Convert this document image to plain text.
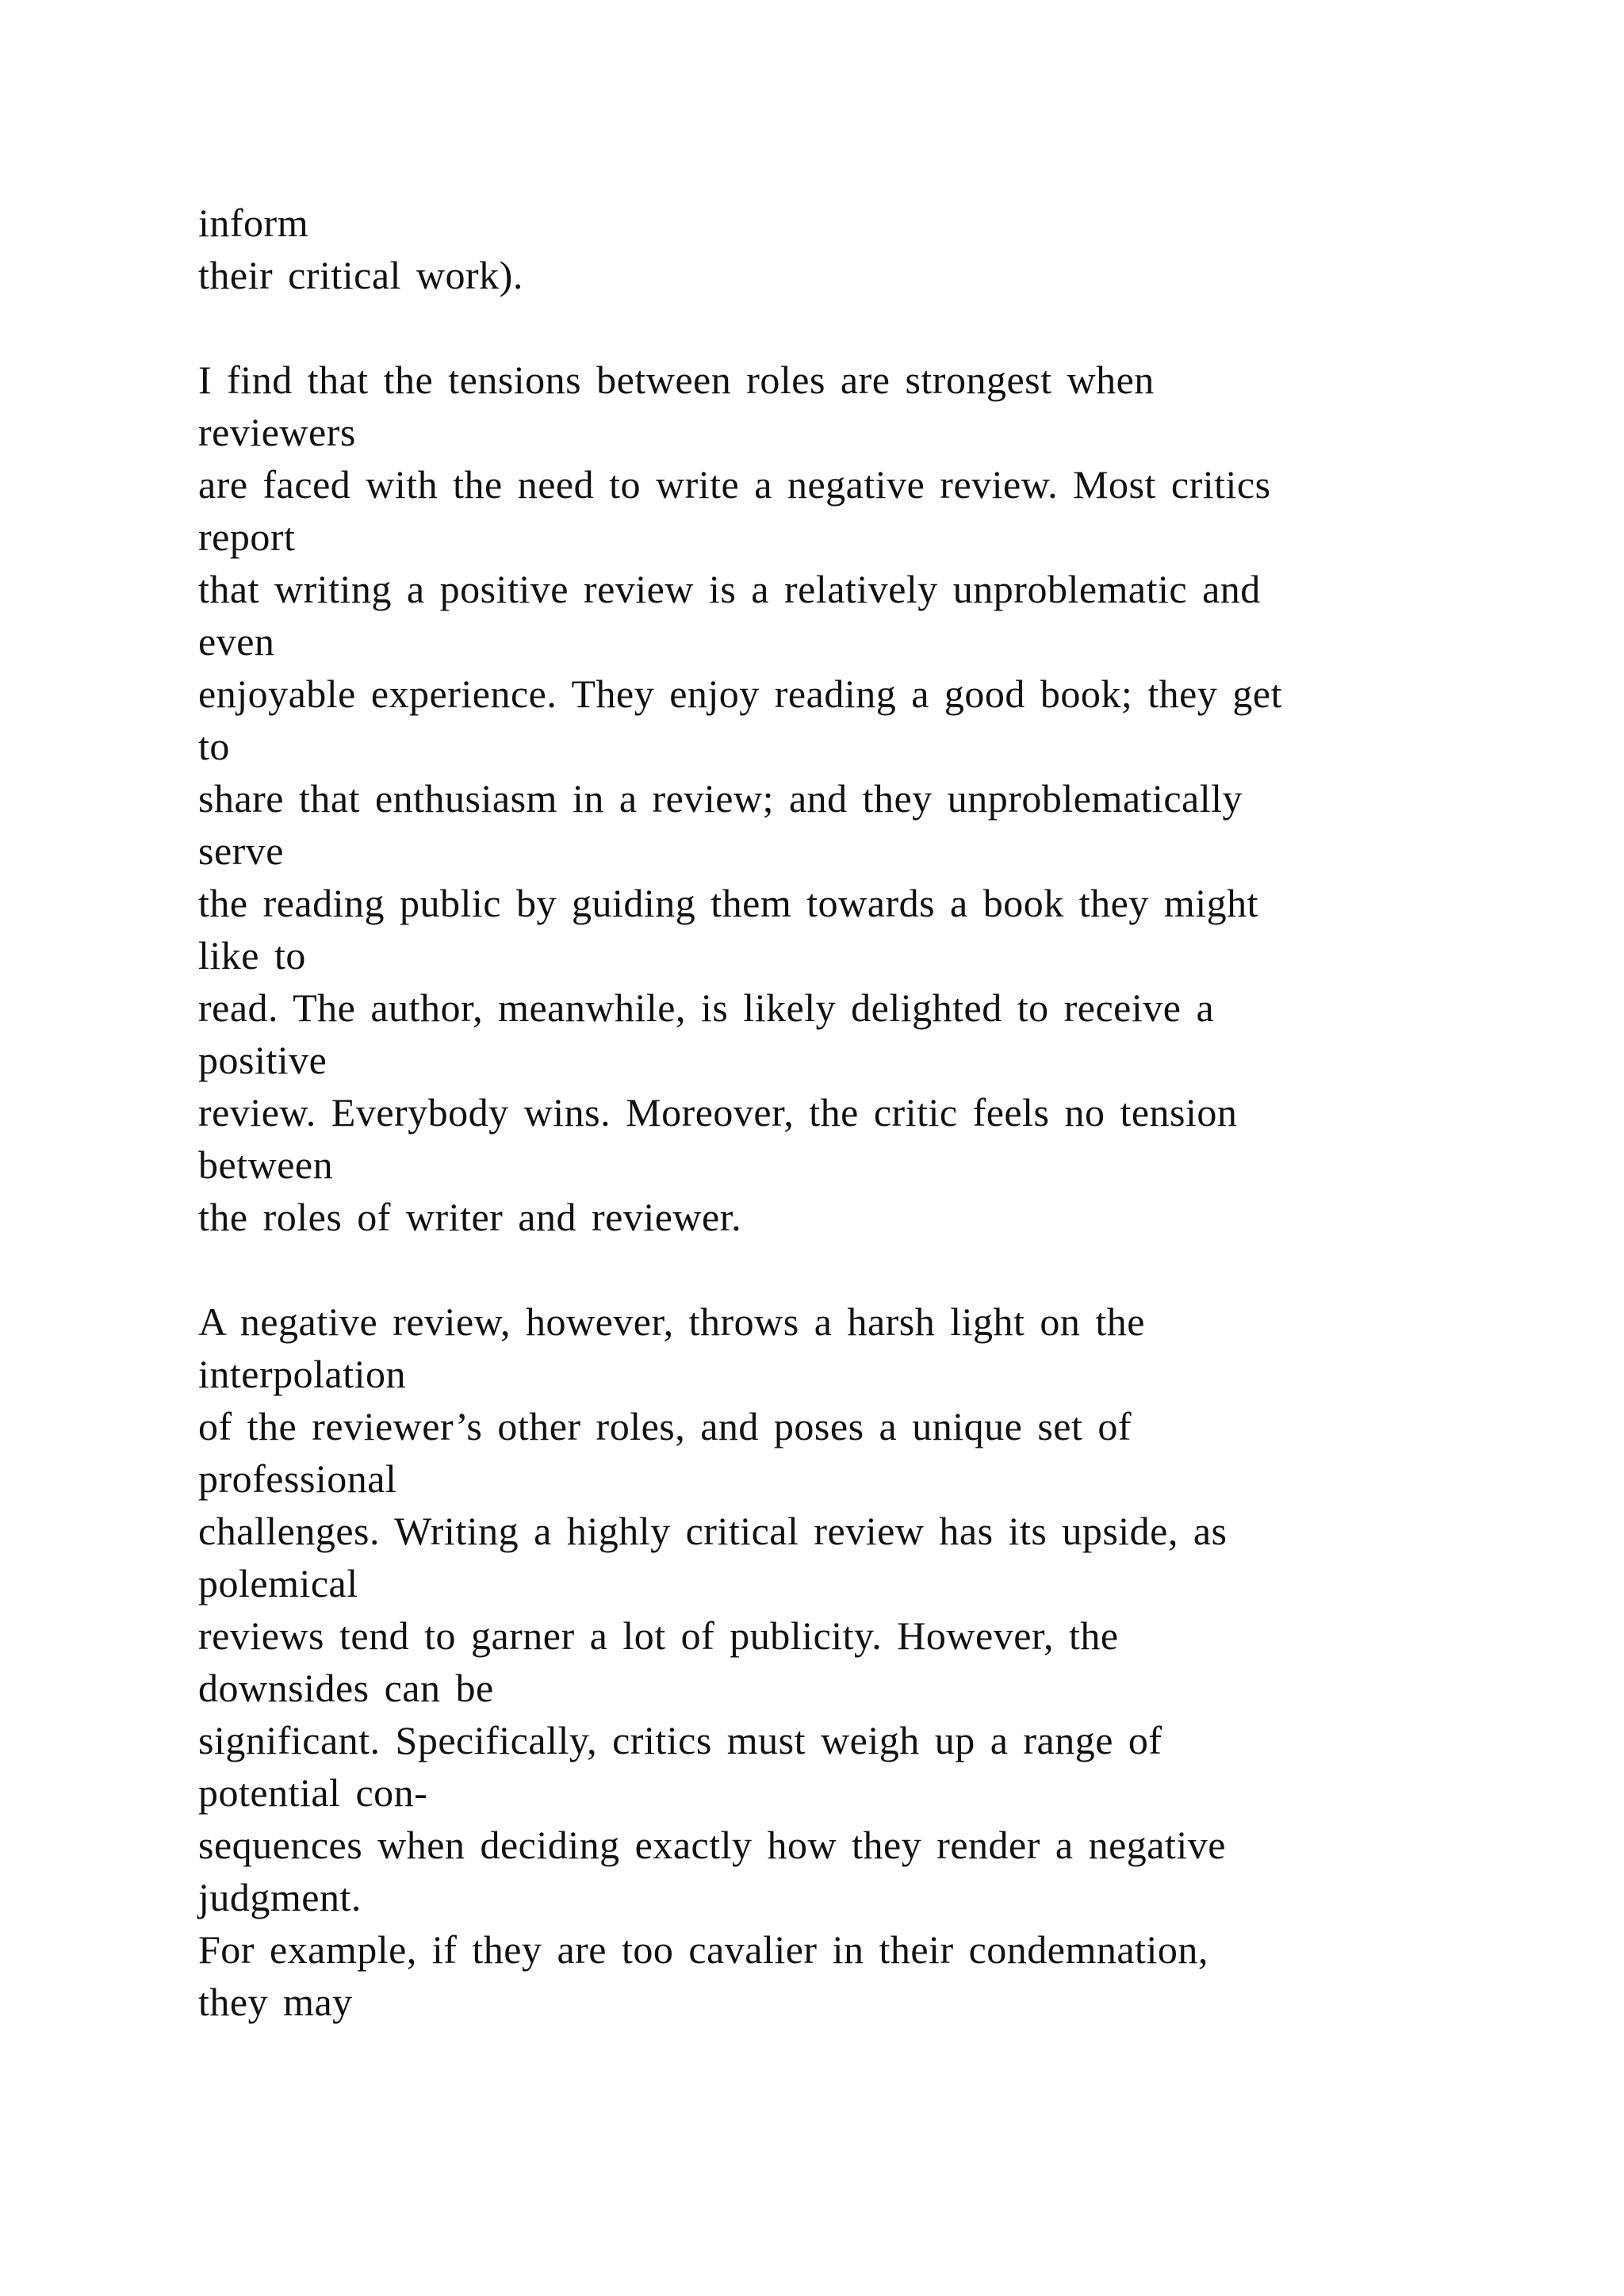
inform
their critical work).
I find that the tensions between roles are strongest when
reviewers
are faced with the need to write a negative review. Most critics
report
that writing a positive review is a relatively unproblematic and
even
enjoyable experience. They enjoy reading a good book; they get
to
share that enthusiasm in a review; and they unproblematically
serve
the reading public by guiding them towards a book they might
like to
read. The author, meanwhile, is likely delighted to receive a
positive
review. Everybody wins. Moreover, the critic feels no tension
between
the roles of writer and reviewer.
A negative review, however, throws a harsh light on the
interpolation
of the reviewer’s other roles, and poses a unique set of
professional
challenges. Writing a highly critical review has its upside, as
polemical
reviews tend to garner a lot of publicity. However, the
downsides can be
significant. Specifically, critics must weigh up a range of
potential con-
sequences when deciding exactly how they render a negative
judgment.
For example, if they are too cavalier in their condemnation,
they may
